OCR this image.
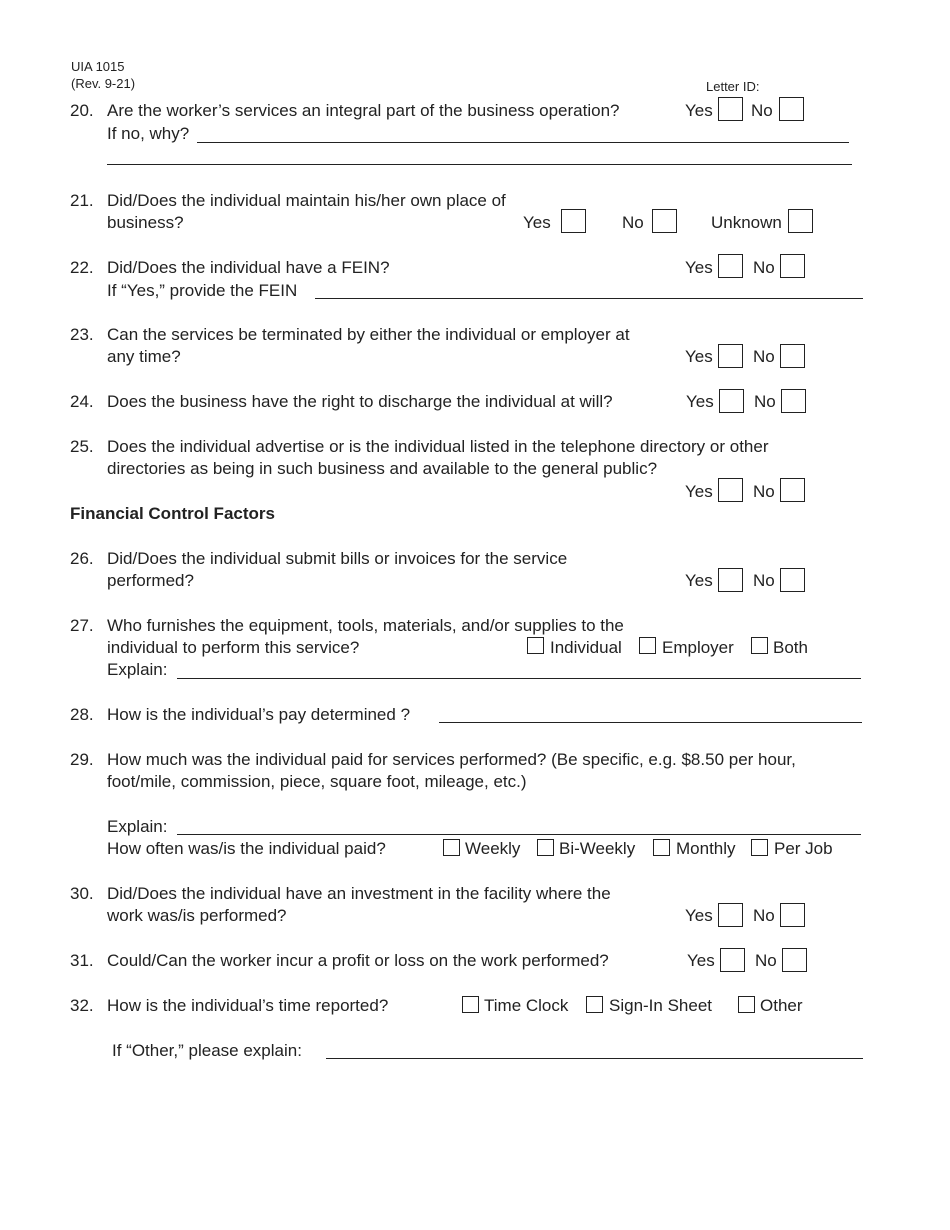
UIA 1015
(Rev. 9-21)	Letter ID:
20. Are the worker’s services an integral part of the business operation?	Yes No
If no, why?
21. Did/Does the individual maintain his/her own place of
business?	Yes	No	Unknown
22. Did/Does the individual have a FEIN?	Yes No
If “Yes,” provide the FEIN
23. Can the services be terminated by either the individual or employer at
any time?	Yes No
24. Does the business have the right to discharge the individual at will?	Yes No
25. Does the individual advertise or is the individual listed in the telephone directory or other
directories as being in such business and available to the general public?
Yes No
Financial Control Factors
26. Did/Does the individual submit bills or invoices for the service
performed?	Yes No
27. Who furnishes the equipment, tools, materials, and/or supplies to the
individual to perform this service?	Individual Employer Both
Explain:
28. How is the individual’s pay determined ?
29. How much was the individual paid for services performed? (Be specific, e.g. $8.50 per hour,
foot/mile, commission, piece, square foot, mileage, etc.)
Explain:
How often was/is the individual paid?	Weekly Bi-Weekly Monthly Per Job
30. Did/Does the individual have an investment in the facility where the
work was/is performed?	Yes No
31. Could/Can the worker incur a profit or loss on the work performed?	Yes No
32. How is the individual’s time reported?	Time Clock Sign-In Sheet	Other
If “Other,” please explain:
